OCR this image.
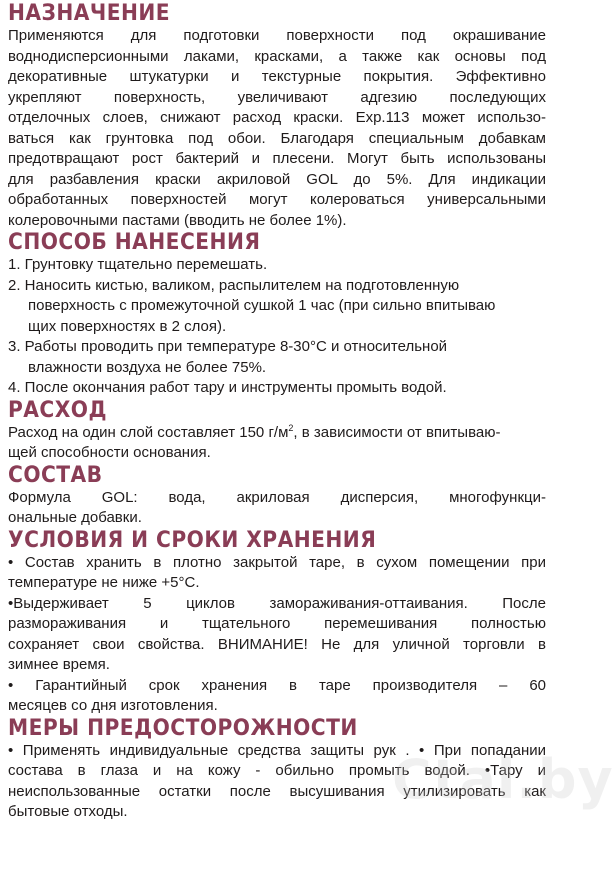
НАЗНАЧЕНИЕ

Применяются для подготовки поверхности под окрашивание

воднодисперсионными лаками, красками, а также как основы под

декоративные штукатурки и текстурные покрытия. Эффективно

укрепляют поверхность, увеличивают адгезию последующих

отделочных слоев, снижают расход краски. Exp.113 может использо-

ваться как грунтовка под обои. Благодаря специальным добавкам

предотвращают рост бактерий и плесени. Могут быть использованы

для разбавления краски акриловой GOL до 5%. Для индикации

обработанных поверхностей могут колероваться универсальными

колеровочными пастами (вводить не более 1%).

СПОСОБ НАНЕСЕНИЯ

1. Грунтовку тщательно перемешать.

2. Наносить кистью, валиком, распылителем на подготовленную

поверхность с промежуточной сушкой 1 час (при сильно впитываю

щих поверхностях в 2 слоя).

3. Работы проводить при температуре 8-30°С и относительной

влажности воздуха не более 75%.

4. После окончания работ тару и инструменты промыть водой.

РАСХОД

Расход на один слой составляет 150 $г/м^2$, в зависимости от впитываю-

щей способности основания.

СОСТАВ

Формула GOL: вода, акриловая дисперсия, многофункци-

ональные добавки.

УСЛОВИЯ И СРОКИ ХРАНЕНИЯ

• Состав хранить в плотно закрытой таре, в сухом помещении при

температуре не ниже +5°С.

•Выдерживает 5 циклов замораживания-оттаивания. После

размораживания и тщательного перемешивания полностью

сохраняет свои свойства. ВНИМАНИЕ! Не для уличной торговли в

зимнее время.

• Гарантийный срок хранения в таре производителя – 60

месяцев со дня изготовления.

МЕРЫ ПРЕДОСТОРОЖНОСТИ

• Применять индивидуальные средства защиты рук . • При попадании

состава в глаза и на кожу - обильно промыть водой. •Тару и

неиспользованные остатки после высушивания утилизировать как

бытовые отходы.

Ctal.by
